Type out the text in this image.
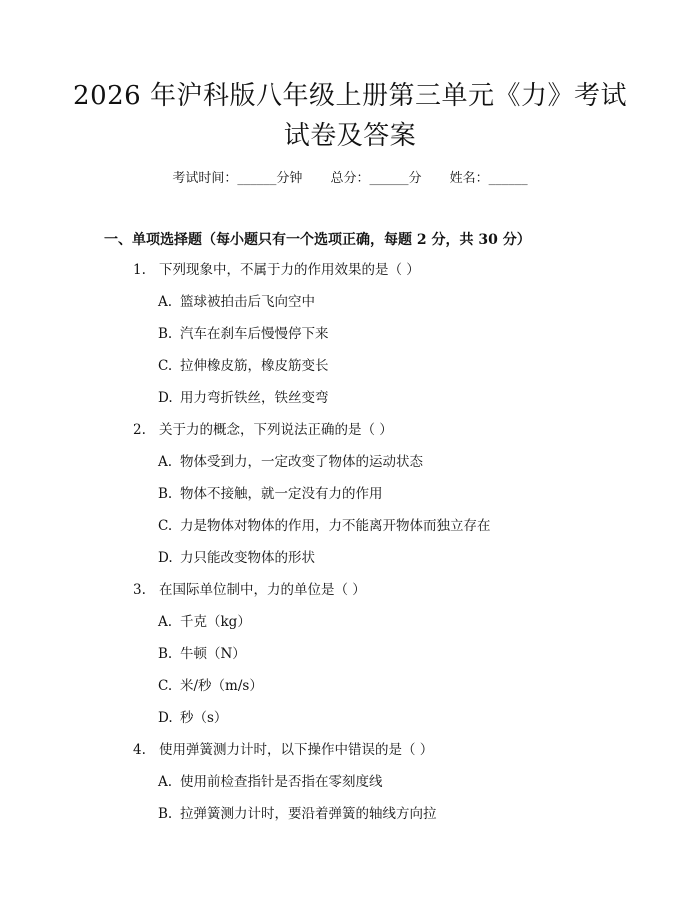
2026 年沪科版八年级上册第三单元《力》考试试卷及答案
考试时间：______分钟 总分：______分 姓名：______
一、单项选择题（每小题只有一个选项正确，每题 2 分，共 30 分）
1. 下列现象中，不属于力的作用效果的是（ ）
A. 篮球被拍击后飞向空中
B. 汽车在刹车后慢慢停下来
C. 拉伸橡皮筋，橡皮筋变长
D. 用力弯折铁丝，铁丝变弯
2. 关于力的概念，下列说法正确的是（ ）
A. 物体受到力，一定改变了物体的运动状态
B. 物体不接触，就一定没有力的作用
C. 力是物体对物体的作用，力不能离开物体而独立存在
D. 力只能改变物体的形状
3. 在国际单位制中，力的单位是（ ）
A. 千克（kg）
B. 牛顿（N）
C. 米/秒（m/s）
D. 秒（s）
4. 使用弹簧测力计时，以下操作中错误的是（ ）
A. 使用前检查指针是否指在零刻度线
B. 拉弹簧测力计时，要沿着弹簧的轴线方向拉
